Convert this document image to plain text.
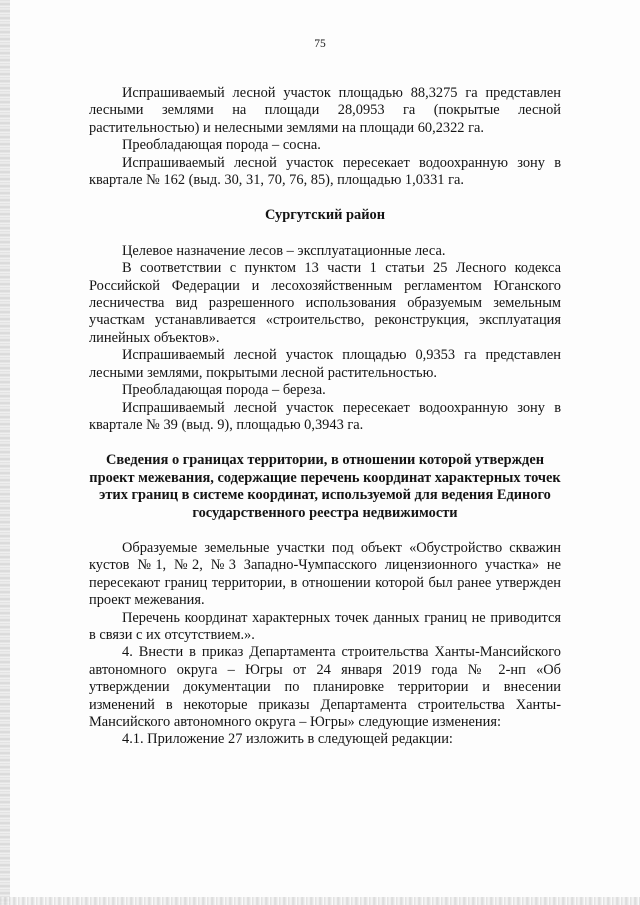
75

Испрашиваемый лесной участок площадью 88,3275 га представлен лесными землями на площади 28,0953 га (покрытые лесной растительностью) и нелесными землями на площади 60,2322 га.

Преобладающая порода – сосна.

Испрашиваемый лесной участок пересекает водоохранную зону в квартале № 162 (выд. 30, 31, 70, 76, 85), площадью 1,0331 га.

Сургутский район

Целевое назначение лесов – эксплуатационные леса.

В соответствии с пунктом 13 части 1 статьи 25 Лесного кодекса Российской Федерации и лесохозяйственным регламентом Юганского лесничества вид разрешенного использования образуемым земельным участкам устанавливается «строительство, реконструкция, эксплуатация линейных объектов».

Испрашиваемый лесной участок площадью 0,9353 га представлен лесными землями, покрытыми лесной растительностью.

Преобладающая порода – береза.

Испрашиваемый лесной участок пересекает водоохранную зону в квартале № 39 (выд. 9), площадью 0,3943 га.

Сведения о границах территории, в отношении которой утвержден проект межевания, содержащие перечень координат характерных точек этих границ в системе координат, используемой для ведения Единого государственного реестра недвижимости

Образуемые земельные участки под объект «Обустройство скважин кустов №1, №2, №3 Западно-Чумпасского лицензионного участка» не пересекают границ территории, в отношении которой был ранее утвержден проект межевания.

Перечень координат характерных точек данных границ не приводится в связи с их отсутствием.».

4. Внести в приказ Департамента строительства Ханты-Мансийского автономного округа – Югры от 24 января 2019 года № 2-нп «Об утверждении документации по планировке территории и внесении изменений в некоторые приказы Департамента строительства Ханты-Мансийского автономного округа – Югры» следующие изменения:

4.1. Приложение 27 изложить в следующей редакции:
